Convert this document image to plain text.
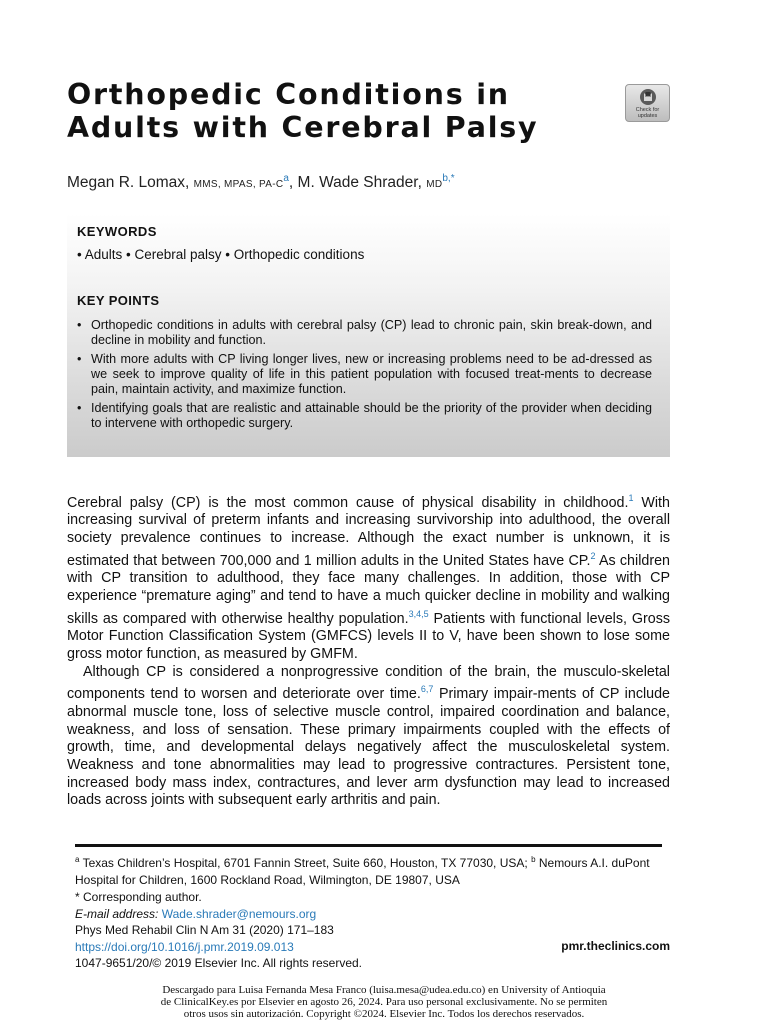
Orthopedic Conditions in
Adults with Cerebral Palsy
Check for
updates
Megan R. Lomax, MMS, MPAS, $PA-C^a$, M. Wade Shrader, $MD^{b,*}$
KEYWORDS
• Adults • Cerebral palsy • Orthopedic conditions
KEY POINTS
• Orthopedic conditions in adults with cerebral palsy (CP) lead to chronic pain, skin break-down, and decline in mobility and function.
• With more adults with CP living longer lives, new or increasing problems need to be ad-dressed as we seek to improve quality of life in this patient population with focused treat-ments to decrease pain, maintain activity, and maximize function.
• Identifying goals that are realistic and attainable should be the priority of the provider when deciding to intervene with orthopedic surgery.

Cerebral palsy (CP) is the most common cause of physical disability in childhood.$^1$ With increasing survival of preterm infants and increasing survivorship into adulthood, the overall society prevalence continues to increase. Although the exact number is unknown, it is estimated that between 700,000 and 1 million adults in the United States have CP.$^2$ As children with CP transition to adulthood, they face many challenges. In addition, those with CP experience “premature aging” and tend to have a much quicker decline in mobility and walking skills as compared with otherwise healthy population.$^{3,4,5}$ Patients with functional levels, Gross Motor Function Classification System (GMFCS) levels II to V, have been shown to lose some gross motor function, as measured by GMFM.

Although CP is considered a nonprogressive condition of the brain, the musculo-skeletal components tend to worsen and deteriorate over time.$^{6,7}$ Primary impair-ments of CP include abnormal muscle tone, loss of selective muscle control, impaired coordination and balance, weakness, and loss of sensation. These primary impairments coupled with the effects of growth, time, and developmental delays negatively affect the musculoskeletal system. Weakness and tone abnormalities may lead to progressive contractures. Persistent tone, increased body mass index, contractures, and lever arm dysfunction may lead to increased loads across joints with subsequent early arthritis and pain.

$^a$ Texas Children’s Hospital, 6701 Fannin Street, Suite 660, Houston, TX 77030, USA; $^b$ Nemours A.I. duPont Hospital for Children, 1600 Rockland Road, Wilmington, DE 19807, USA
* Corresponding author.
E-mail address: Wade.shrader@nemours.org
Phys Med Rehabil Clin N Am 31 (2020) 171–183
https://doi.org/10.1016/j.pmr.2019.09.013
1047-9651/20/© 2019 Elsevier Inc. All rights reserved.
pmr.theclinics.com
Descargado para Luisa Fernanda Mesa Franco (luisa.mesa@udea.edu.co) en University of Antioquia
de ClinicalKey.es por Elsevier en agosto 26, 2024. Para uso personal exclusivamente. No se permiten
otros usos sin autorización. Copyright ©2024. Elsevier Inc. Todos los derechos reservados.
